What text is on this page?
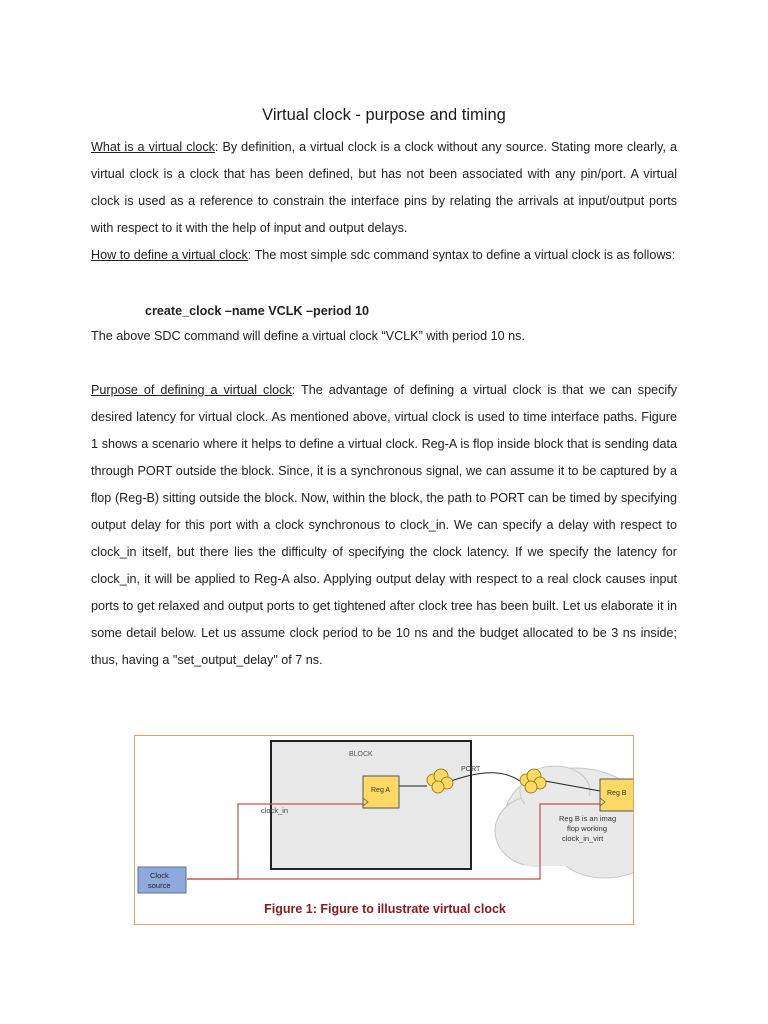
Virtual clock - purpose and timing

What is a virtual clock: By definition, a virtual clock is a clock without any source. Stating more clearly, a virtual clock is a clock that has been defined, but has not been associated with any pin/port. A virtual clock is used as a reference to constrain the interface pins by relating the arrivals at input/output ports with respect to it with the help of input and output delays.

How to define a virtual clock: The most simple sdc command syntax to define a virtual clock is as follows:

The above SDC command will define a virtual clock “VCLK” with period 10 ns.

Purpose of defining a virtual clock: The advantage of defining a virtual clock is that we can specify desired latency for virtual clock. As mentioned above, virtual clock is used to time interface paths. Figure 1 shows a scenario where it helps to define a virtual clock. Reg-A is flop inside block that is sending data through PORT outside the block. Since, it is a synchronous signal, we can assume it to be captured by a flop (Reg-B) sitting outside the block. Now, within the block, the path to PORT can be timed by specifying output delay for this port with a clock synchronous to clock_in. We can specify a delay with respect to clock_in itself, but there lies the difficulty of specifying the clock latency. If we specify the latency for clock_in, it will be applied to Reg-A also. Applying output delay with respect to a real clock causes input ports to get relaxed and output ports to get tightened after clock tree has been built. Let us elaborate it in some detail below. Let us assume clock period to be 10 ns and the budget allocated to be 3 ns inside; thus, having a "set_output_delay" of 7 ns.

create_clock –name VCLK –period 10

BLOCK
clock_in
PORT
Reg A	Reg B
Reg B is an imag
flop working
clock_in_virt
Clock
source
Figure 1: Figure to illustrate virtual clock
